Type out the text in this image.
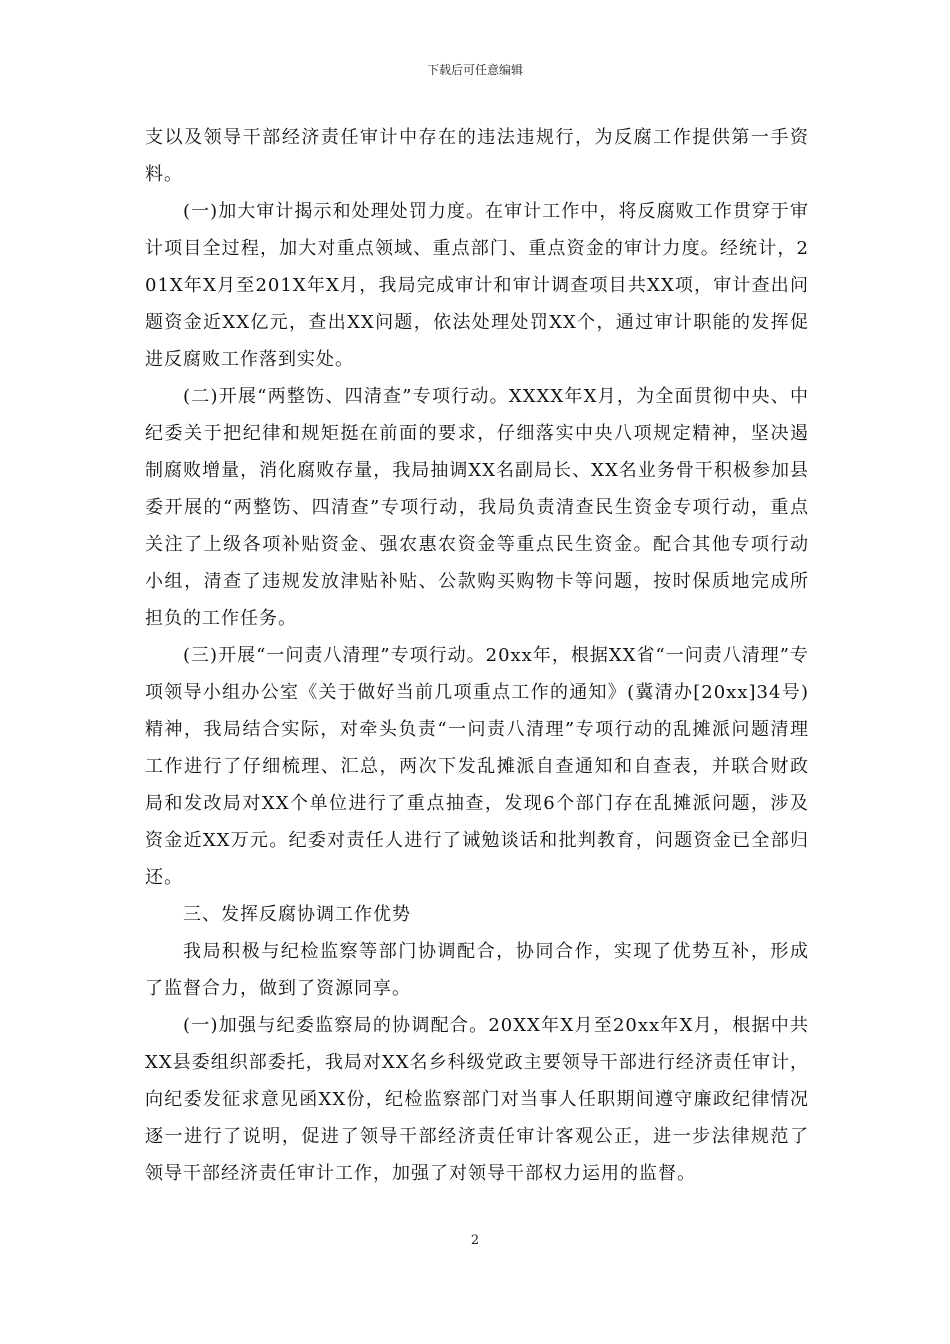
下载后可任意编辑

支以及领导干部经济责任审计中存在的违法违规行，为反腐工作提供第一手资料。

(一)加大审计揭示和处理处罚力度。在审计工作中，将反腐败工作贯穿于审计项目全过程，加大对重点领域、重点部门、重点资金的审计力度。经统计，201X年X月至201X年X月，我局完成审计和审计调查项目共XX项，审计查出问题资金近XX亿元，查出XX问题，依法处理处罚XX个，通过审计职能的发挥促进反腐败工作落到实处。

(二)开展“两整饬、四清查”专项行动。XXXX年X月，为全面贯彻中央、中纪委关于把纪律和规矩挺在前面的要求，仔细落实中央八项规定精神，坚决遏制腐败增量，消化腐败存量，我局抽调XX名副局长、XX名业务骨干积极参加县委开展的“两整饬、四清查”专项行动，我局负责清查民生资金专项行动，重点关注了上级各项补贴资金、强农惠农资金等重点民生资金。配合其他专项行动小组，清查了违规发放津贴补贴、公款购买购物卡等问题，按时保质地完成所担负的工作任务。

(三)开展“一问责八清理”专项行动。20xx年，根据XX省“一问责八清理”专项领导小组办公室《关于做好当前几项重点工作的通知》(冀清办[20xx]34号)精神，我局结合实际，对牵头负责“一问责八清理”专项行动的乱摊派问题清理工作进行了仔细梳理、汇总，两次下发乱摊派自查通知和自查表，并联合财政局和发改局对XX个单位进行了重点抽查，发现6个部门存在乱摊派问题，涉及资金近XX万元。纪委对责任人进行了诫勉谈话和批判教育，问题资金已全部归还。

三、发挥反腐协调工作优势

我局积极与纪检监察等部门协调配合，协同合作，实现了优势互补，形成了监督合力，做到了资源同享。

(一)加强与纪委监察局的协调配合。20XX年X月至20xx年X月，根据中共XX县委组织部委托，我局对XX名乡科级党政主要领导干部进行经济责任审计，向纪委发征求意见函XX份，纪检监察部门对当事人任职期间遵守廉政纪律情况逐一进行了说明，促进了领导干部经济责任审计客观公正，进一步法律规范了领导干部经济责任审计工作，加强了对领导干部权力运用的监督。

2
